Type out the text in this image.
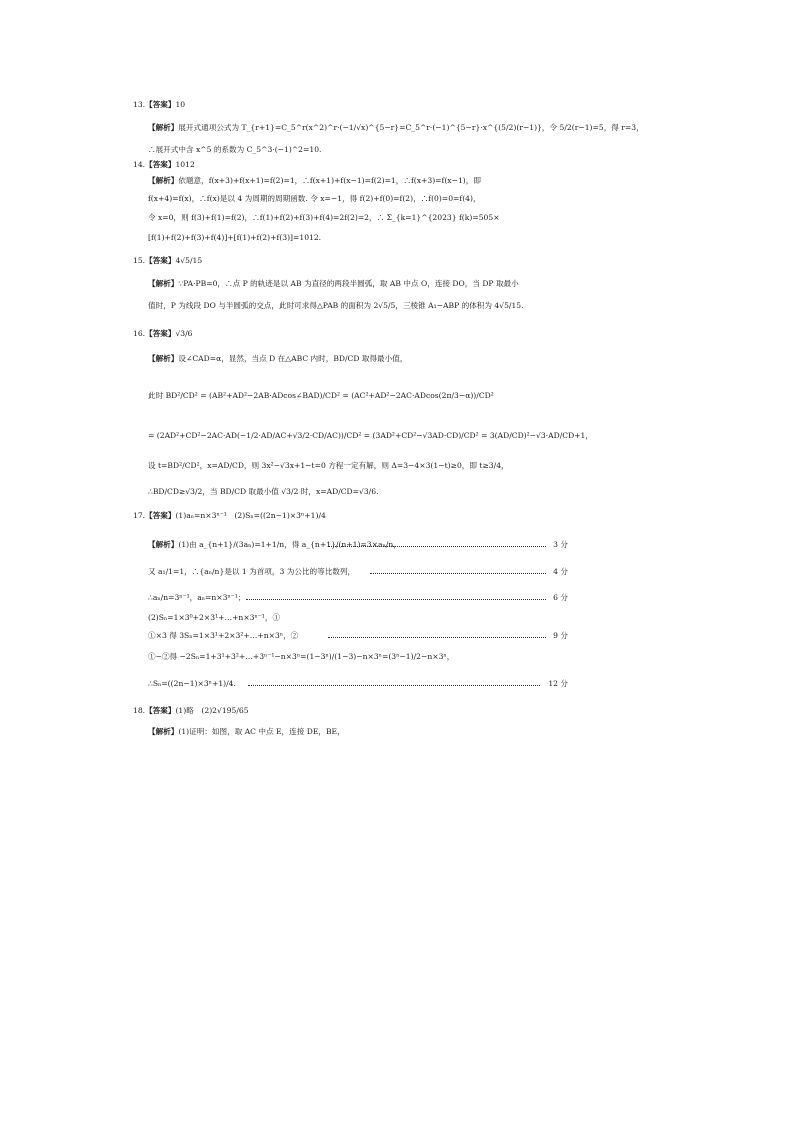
13.【答案】10
【解析】展开式通项公式为 T_{r+1}=C_5^r(x^2)^r·(−1/√x)^{5−r}=C_5^r·(−1)^{5−r}·x^{(5/2)(r−1)}，令 5/2(r−1)=5，得 r=3，
∴展开式中含 x^5 的系数为 C_5^3·(−1)^2=10.
14.【答案】1012
【解析】依题意，f(x+3)+f(x+1)=f(2)=1，∴f(x+1)+f(x−1)=f(2)=1，∴f(x+3)=f(x−1)，即
f(x+4)=f(x)，∴f(x)是以 4 为周期的周期函数. 令 x=−1，得 f(2)+f(0)=f(2)，∴f(0)=0=f(4)，
令 x=0，则 f(3)+f(1)=f(2)，∴f(1)+f(2)+f(3)+f(4)=2f(2)=2，∴ Σ_{k=1}^{2023} f(k)=505×
[f(1)+f(2)+f(3)+f(4)]+[f(1)+f(2)+f(3)]=1012.
15.【答案】4√5/15
【解析】∵PA·PB=0，∴点 P 的轨迹是以 AB 为直径的两段半圆弧，取 AB 中点 O，连接 DO，当 DP 取最小
值时，P 为线段 DO 与半圆弧的交点，此时可求得△PAB 的面积为 2√5/5，三棱锥 A₁−ABP 的体积为 4√5/15.
16.【答案】√3/6
【解析】设∠CAD=α，显然，当点 D 在△ABC 内时，BD/CD 取得最小值，
此时 BD²/CD² = (AB²+AD²−2AB·ADcos∠BAD)/CD² = (AC²+AD²−2AC·ADcos(2π/3−α))/CD²
= (2AD²+CD²−2AC·AD(−1/2·AD/AC+√3/2·CD/AC))/CD² = (3AD²+CD²−√3AD·CD)/CD² = 3(AD/CD)²−√3·AD/CD+1，
设 t=BD²/CD²，x=AD/CD，则 3x²−√3x+1−t=0 方程一定有解，则 Δ=3−4×3(1−t)≥0，即 t≥3/4，
∴BD/CD≥√3/2，当 BD/CD 取最小值 √3/2 时，x=AD/CD=√3/6.
17.【答案】(1)aₙ=n×3ⁿ⁻¹　(2)Sₙ=((2n−1)×3ⁿ+1)/4
【解析】(1)由 a_{n+1}/(3aₙ)=1+1/n，得 a_{n+1}/(n+1)=3×aₙ/n，	3 分
又 a₁/1=1，∴{aₙ/n}是以 1 为首项，3 为公比的等比数列，	4 分
∴aₙ/n=3ⁿ⁻¹，aₙ=n×3ⁿ⁻¹；	6 分
(2)Sₙ=1×3⁰+2×3¹+…+n×3ⁿ⁻¹，①
①×3 得 3Sₙ=1×3¹+2×3²+…+n×3ⁿ，②	9 分
①−②得 −2Sₙ=1+3¹+3²+…+3ⁿ⁻¹−n×3ⁿ=(1−3ⁿ)/(1−3)−n×3ⁿ=(3ⁿ−1)/2−n×3ⁿ，
∴Sₙ=((2n−1)×3ⁿ+1)/4.	12 分
18.【答案】(1)略　(2)2√195/65
【解析】(1)证明：如图，取 AC 中点 E，连接 DE，BE，
